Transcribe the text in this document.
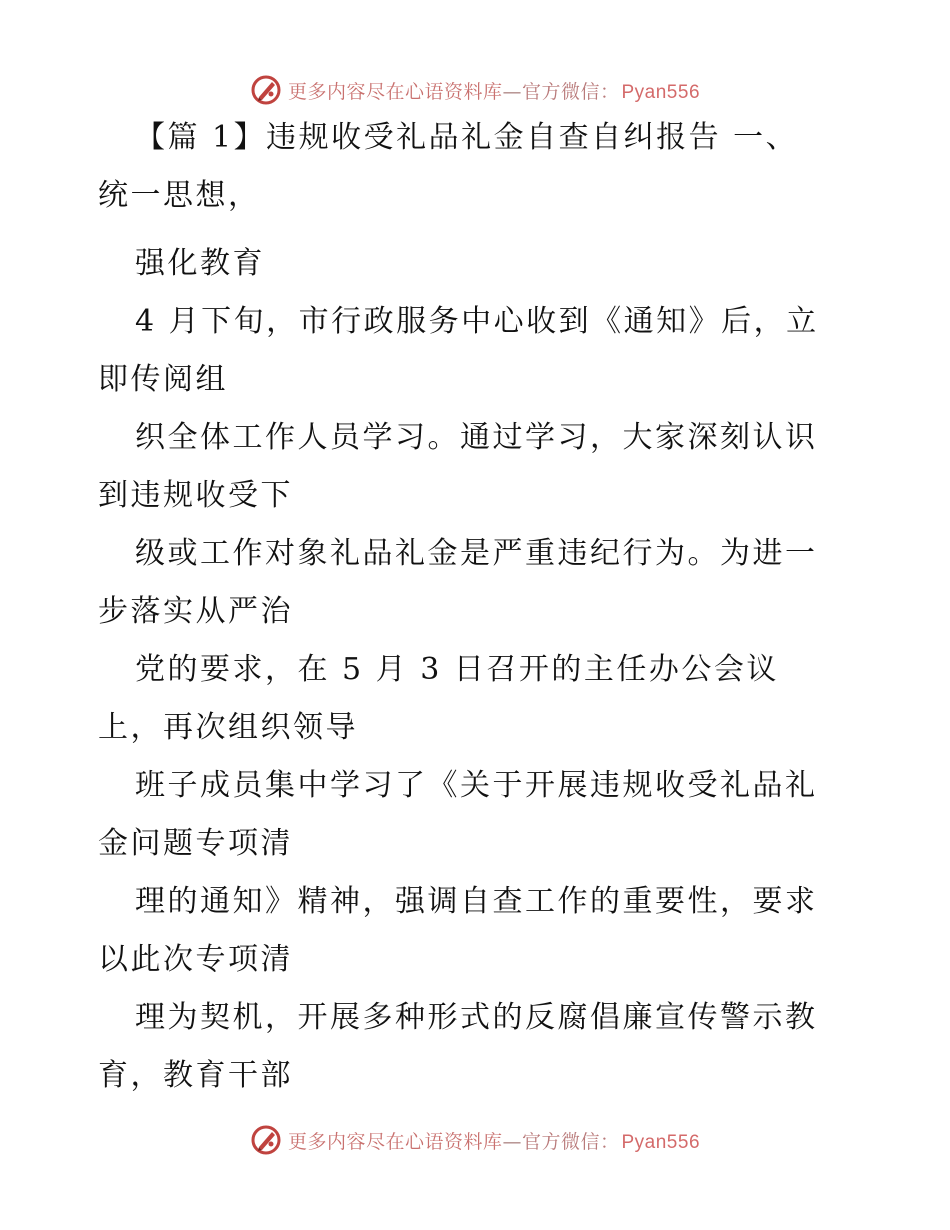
更多内容尽在心语资料库—官方微信： Pyan556
【篇 1】违规收受礼品礼金自查自纠报告 一、
统一思想，
强化教育
4 月下旬，市行政服务中心收到《通知》后，立
即传阅组
织全体工作人员学习。通过学习，大家深刻认识
到违规收受下
级或工作对象礼品礼金是严重违纪行为。为进一
步落实从严治
党的要求，在 5 月 3 日召开的主任办公会议
上，再次组织领导
班子成员集中学习了《关于开展违规收受礼品礼
金问题专项清
理的通知》精神，强调自查工作的重要性，要求
以此次专项清
理为契机，开展多种形式的反腐倡廉宣传警示教
育，教育干部
更多内容尽在心语资料库—官方微信： Pyan556
